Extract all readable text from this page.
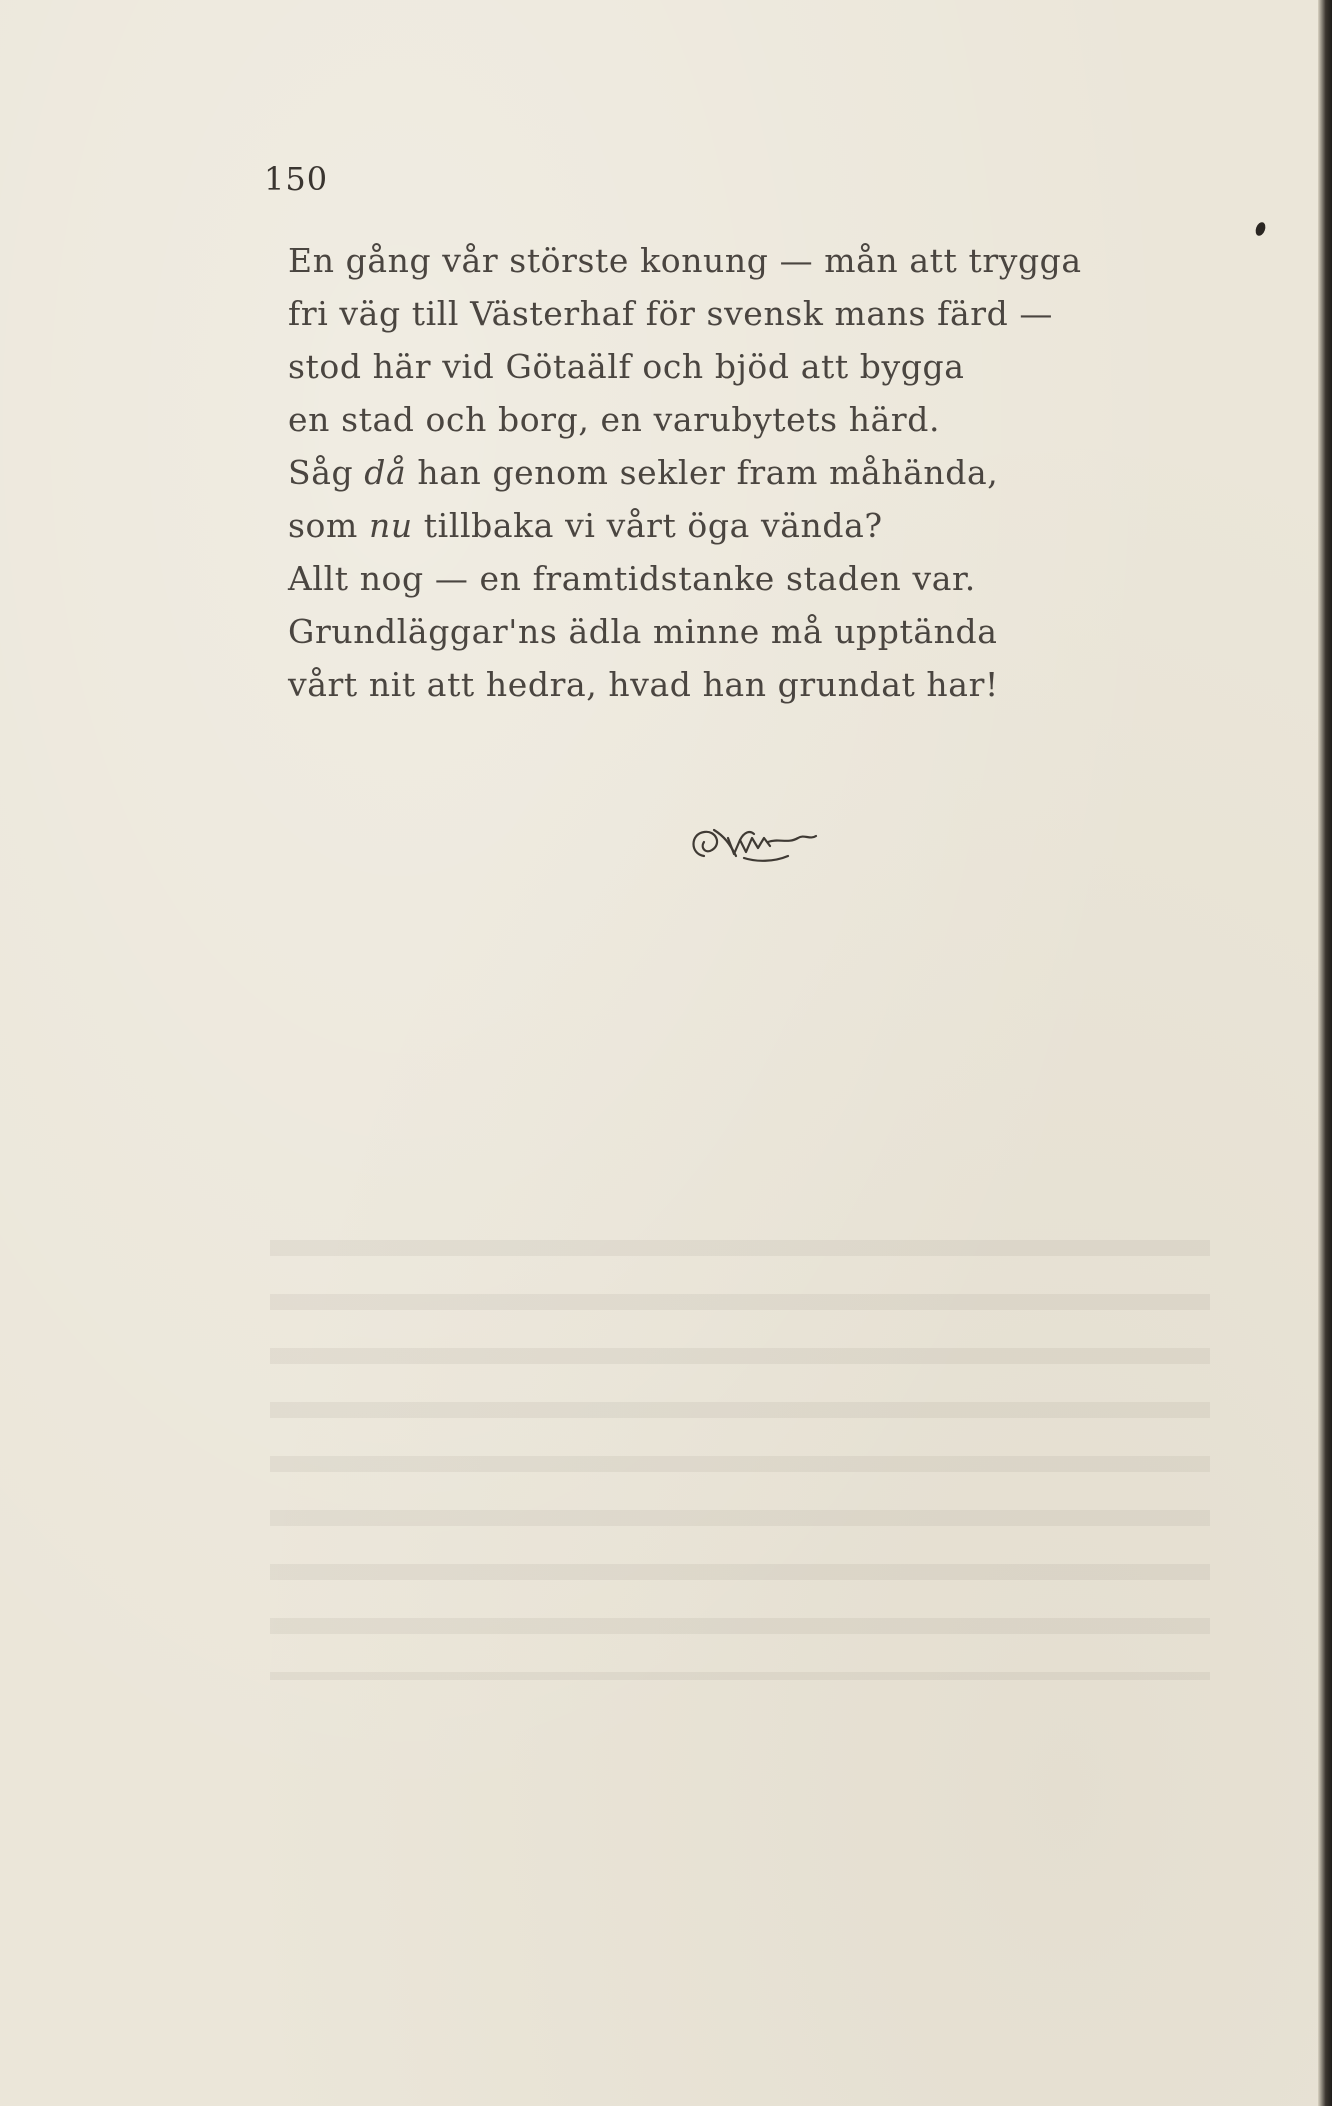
150
En gång vår störste konung — mån att trygga
fri väg till Västerhaf för svensk mans färd —
stod här vid Götaälf och bjöd att bygga
en stad och borg, en varubytets härd.
Såg då han genom sekler fram måhända,
som nu tillbaka vi vårt öga vända?
Allt nog — en framtidstanke staden var.
Grundläggar'ns ädla minne må upptända
vårt nit att hedra, hvad han grundat har!
